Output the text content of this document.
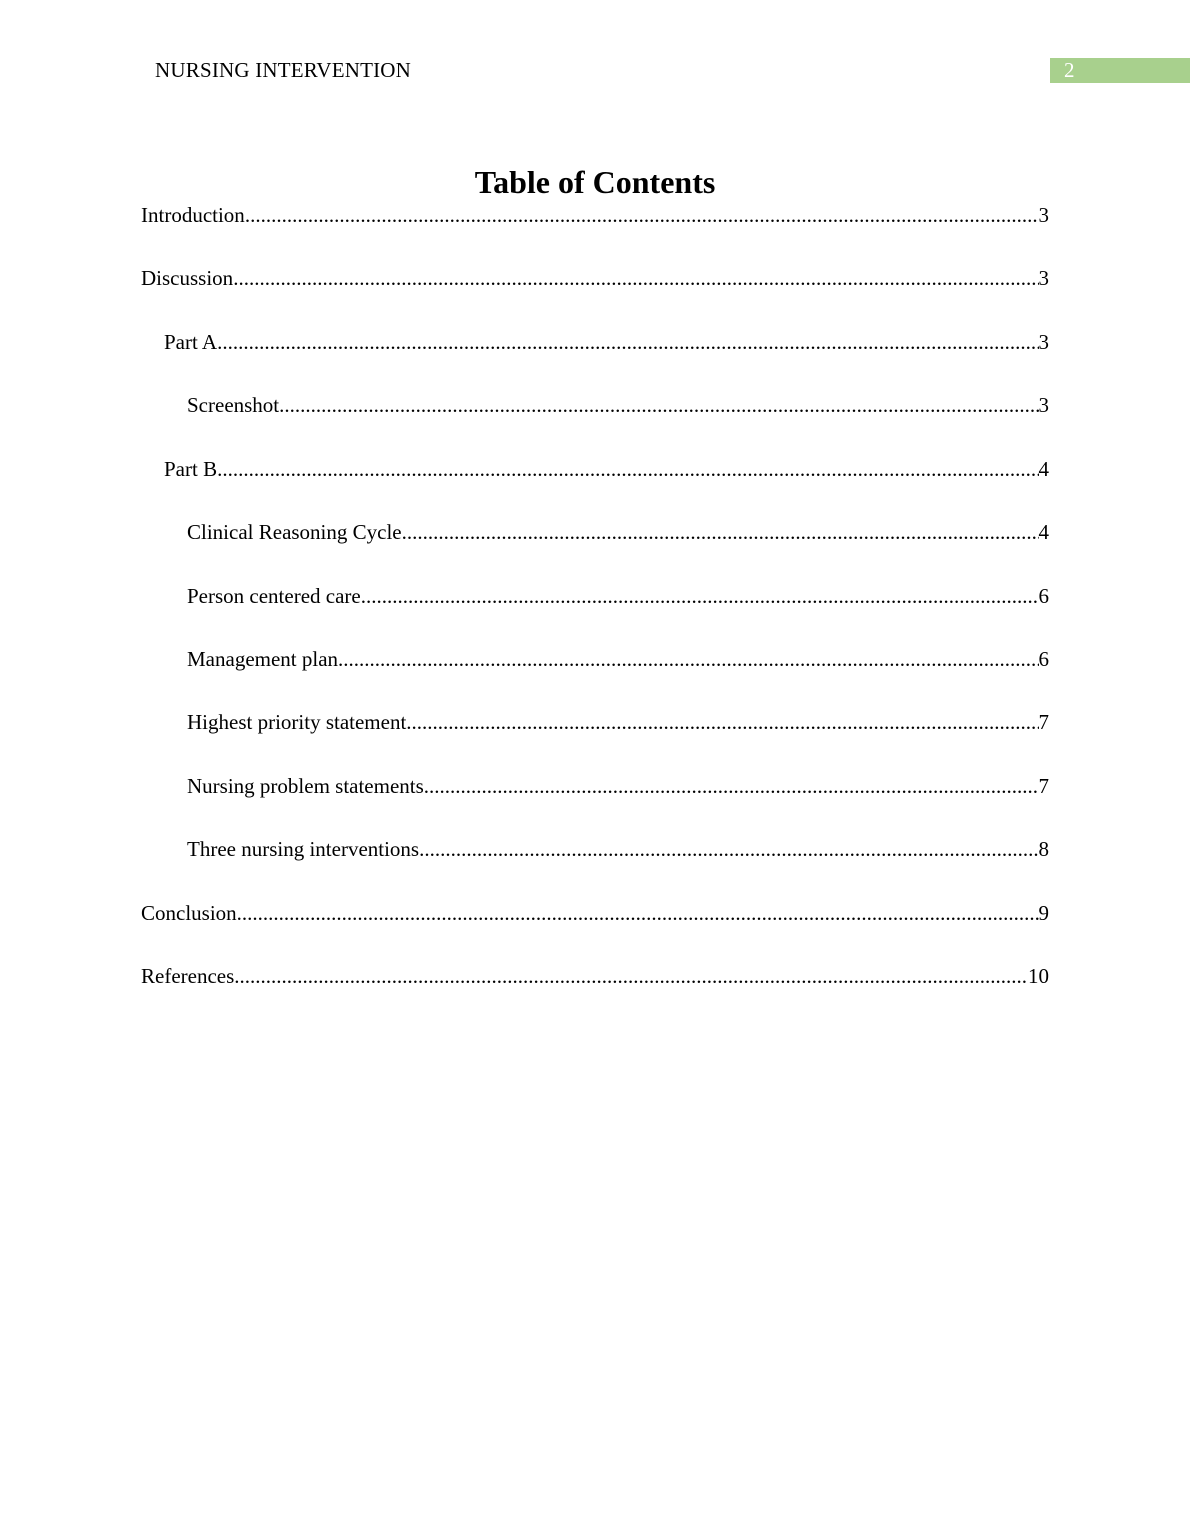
NURSING INTERVENTION	2
Table of Contents
Introduction .....	3
Discussion .....	3
Part A .....	3
Screenshot .....	3
Part B .....	4
Clinical Reasoning Cycle .....	4
Person centered care .....	6
Management plan .....	6
Highest priority statement .....	7
Nursing problem statements .....	7
Three nursing interventions .....	8
Conclusion .....	9
References .....	10
